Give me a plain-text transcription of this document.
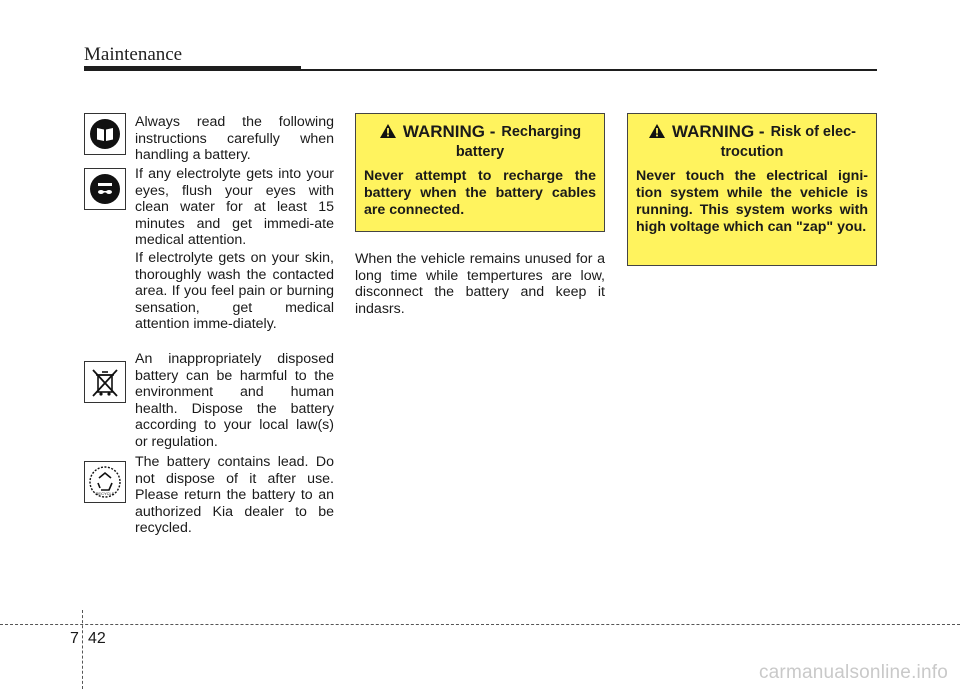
Maintenance
RECYCLE

Always read the following instructions carefully when handling a battery.

If any electrolyte gets into your eyes, flush your eyes with clean water for at least 15 minutes and get immedi-ate medical attention.

If electrolyte gets on your skin, thoroughly wash the contacted area. If you feel pain or burning sensation, get medical attention imme-diately.

An inappropriately disposed battery can be harmful to the environment and human health. Dispose the battery according to your local law(s) or regulation.

The battery contains lead. Do not dispose of it after use. Please return the battery to an authorized Kia dealer to be recycled.

WARNING - Recharging
battery

Never attempt to recharge the battery when the battery cables are connected.

When the vehicle remains unused for a long time while tempertures are low, disconnect the battery and keep it indasrs.

WARNING - Risk of elec-
trocution

Never touch the electrical igni-tion system while the vehicle is running. This system works with high voltage which can "zap" you.

7 42
carmanualsonline.info
